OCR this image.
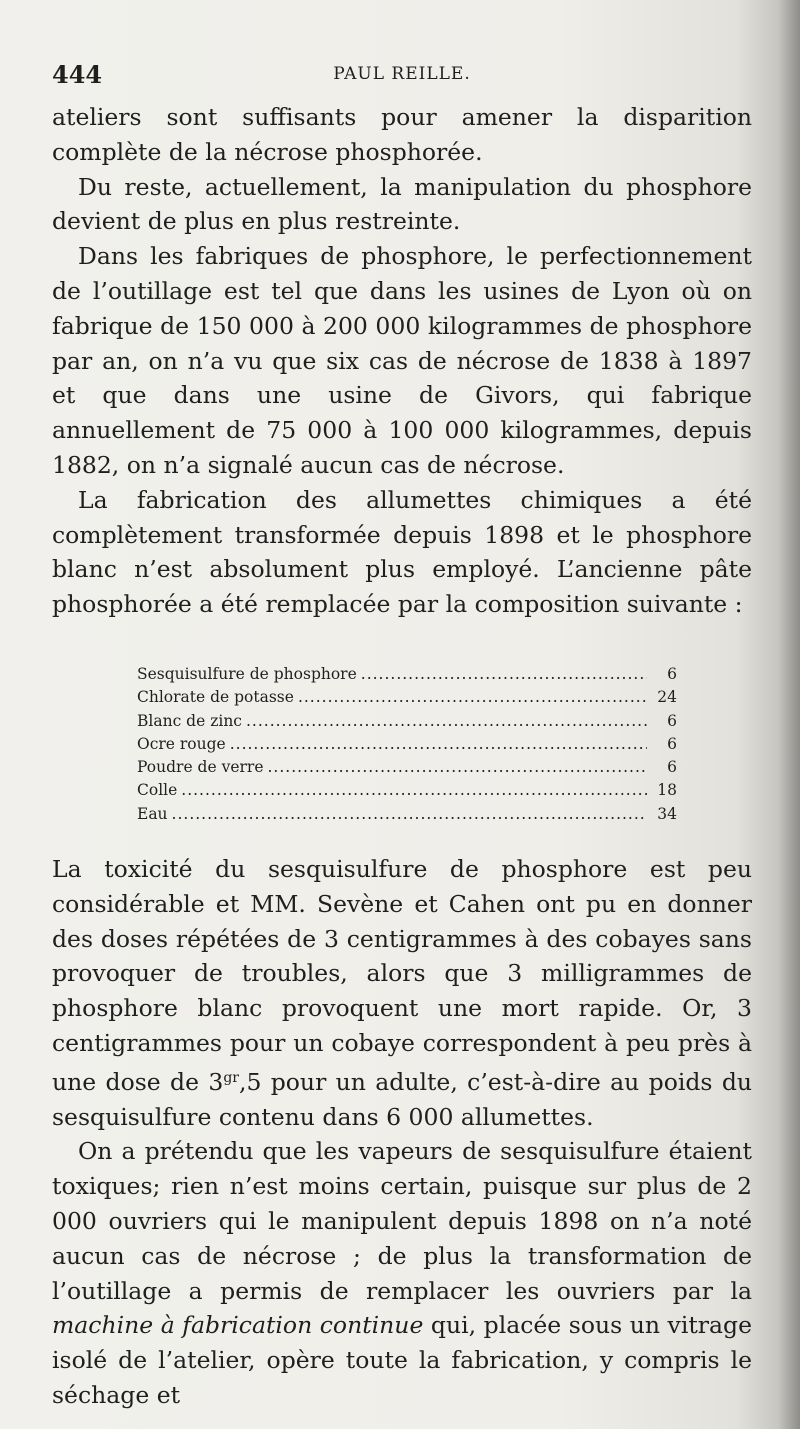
444	PAUL REILLE.

ateliers sont suffisants pour amener la disparition complète de la nécrose phosphorée.

Du reste, actuellement, la manipulation du phosphore devient de plus en plus restreinte.

Dans les fabriques de phosphore, le perfectionnement de l’outillage est tel que dans les usines de Lyon où on fabrique de 150 000 à 200 000 kilogrammes de phosphore par an, on n’a vu que six cas de nécrose de 1838 à 1897 et que dans une usine de Givors, qui fabrique annuellement de 75 000 à 100 000 kilogrammes, depuis 1882, on n’a signalé aucun cas de nécrose.

La fabrication des allumettes chimiques a été complètement transformée depuis 1898 et le phosphore blanc n’est absolument plus employé. L’ancienne pâte phosphorée a été remplacée par la composition suivante :

Sesquisulfure de phosphore .....	6
Chlorate de potasse .....	24
Blanc de zinc .....	6
Ocre rouge .....	6
Poudre de verre .....	6
Colle .....	18
Eau .....	34

La toxicité du sesquisulfure de phosphore est peu considérable et MM. Sevène et Cahen ont pu en donner des doses répétées de 3 centigrammes à des cobayes sans provoquer de troubles, alors que 3 milligrammes de phosphore blanc provoquent une mort rapide. Or, 3 centigrammes pour un cobaye correspondent à peu près à une dose de $3^{gr},5$ pour un adulte, c’est-à-dire au poids du sesquisulfure contenu dans 6 000 allumettes.

On a prétendu que les vapeurs de sesquisulfure étaient toxiques; rien n’est moins certain, puisque sur plus de 2 000 ouvriers qui le manipulent depuis 1898 on n’a noté aucun cas de nécrose ; de plus la transformation de l’outillage a permis de remplacer les ouvriers par la machine à fabrication continue qui, placée sous un vitrage isolé de l’atelier, opère toute la fabrication, y compris le séchage et
